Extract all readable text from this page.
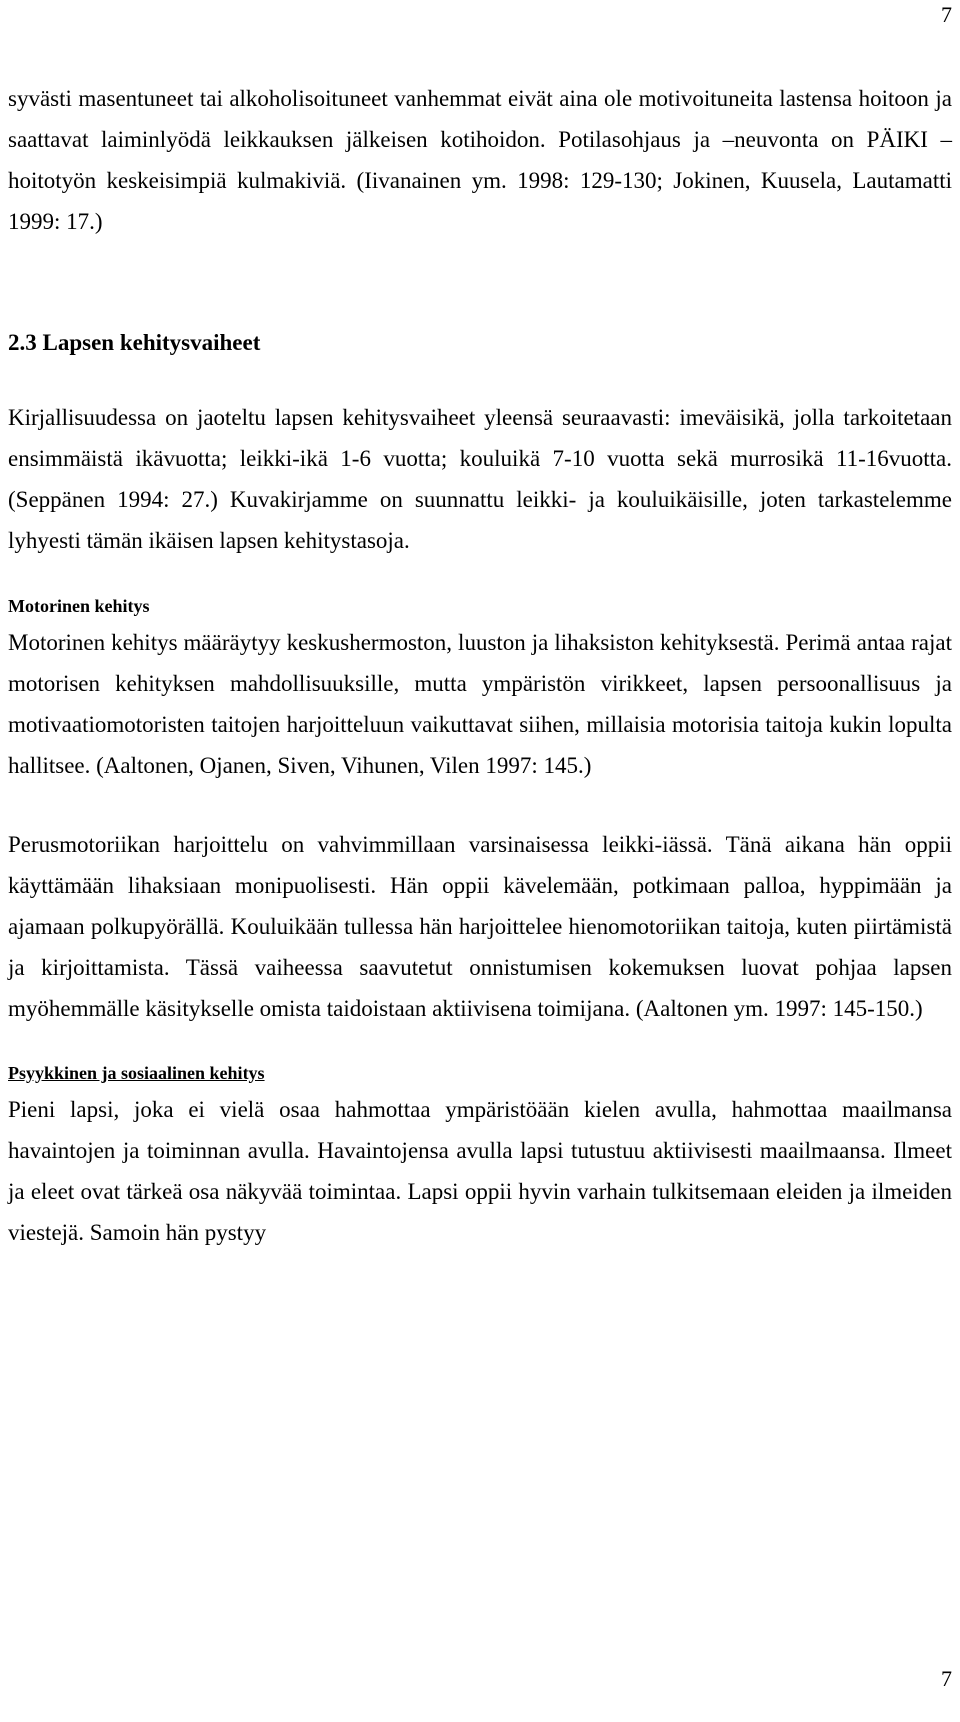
7

syvästi masentuneet tai alkoholisoituneet vanhemmat eivät aina ole motivoituneita lastensa hoitoon ja saattavat laiminlyödä leikkauksen jälkeisen kotihoidon. Potilasohjaus ja –neuvonta on PÄIKI –hoitotyön keskeisimpiä kulmakiviä. (Iivanainen ym. 1998: 129-130; Jokinen, Kuusela, Lautamatti 1999: 17.)

2.3 Lapsen kehitysvaiheet

Kirjallisuudessa on jaoteltu lapsen kehitysvaiheet yleensä seuraavasti: imeväisikä, jolla tarkoitetaan ensimmäistä ikävuotta; leikki-ikä 1-6 vuotta; kouluikä 7-10 vuotta sekä murrosikä 11-16vuotta. (Seppänen 1994: 27.) Kuvakirjamme on suunnattu leikki- ja kouluikäisille, joten tarkastelemme lyhyesti tämän ikäisen lapsen kehitystasoja.

Motorinen kehitys

Motorinen kehitys määräytyy keskushermoston, luuston ja lihaksiston kehityksestä. Perimä antaa rajat motorisen kehityksen mahdollisuuksille, mutta ympäristön virikkeet, lapsen persoonallisuus ja motivaatiomotoristen taitojen harjoitteluun vaikuttavat siihen, millaisia motorisia taitoja kukin lopulta hallitsee. (Aaltonen, Ojanen, Siven, Vihunen, Vilen 1997: 145.)

Perusmotoriikan harjoittelu on vahvimmillaan varsinaisessa leikki-iässä. Tänä aikana hän oppii käyttämään lihaksiaan monipuolisesti. Hän oppii kävelemään, potkimaan palloa, hyppimään ja ajamaan polkupyörällä. Kouluikään tullessa hän harjoittelee hienomotoriikan taitoja, kuten piirtämistä ja kirjoittamista. Tässä vaiheessa saavutetut onnistumisen kokemuksen luovat pohjaa lapsen myöhemmälle käsitykselle omista taidoistaan aktiivisena toimijana. (Aaltonen ym. 1997: 145-150.)

Psyykkinen ja sosiaalinen kehitys

Pieni lapsi, joka ei vielä osaa hahmottaa ympäristöään kielen avulla, hahmottaa maailmansa havaintojen ja toiminnan avulla. Havaintojensa avulla lapsi tutustuu aktiivisesti maailmaansa. Ilmeet ja eleet ovat tärkeä osa näkyvää toimintaa. Lapsi oppii hyvin varhain tulkitsemaan eleiden ja ilmeiden viestejä. Samoin hän pystyy

7
